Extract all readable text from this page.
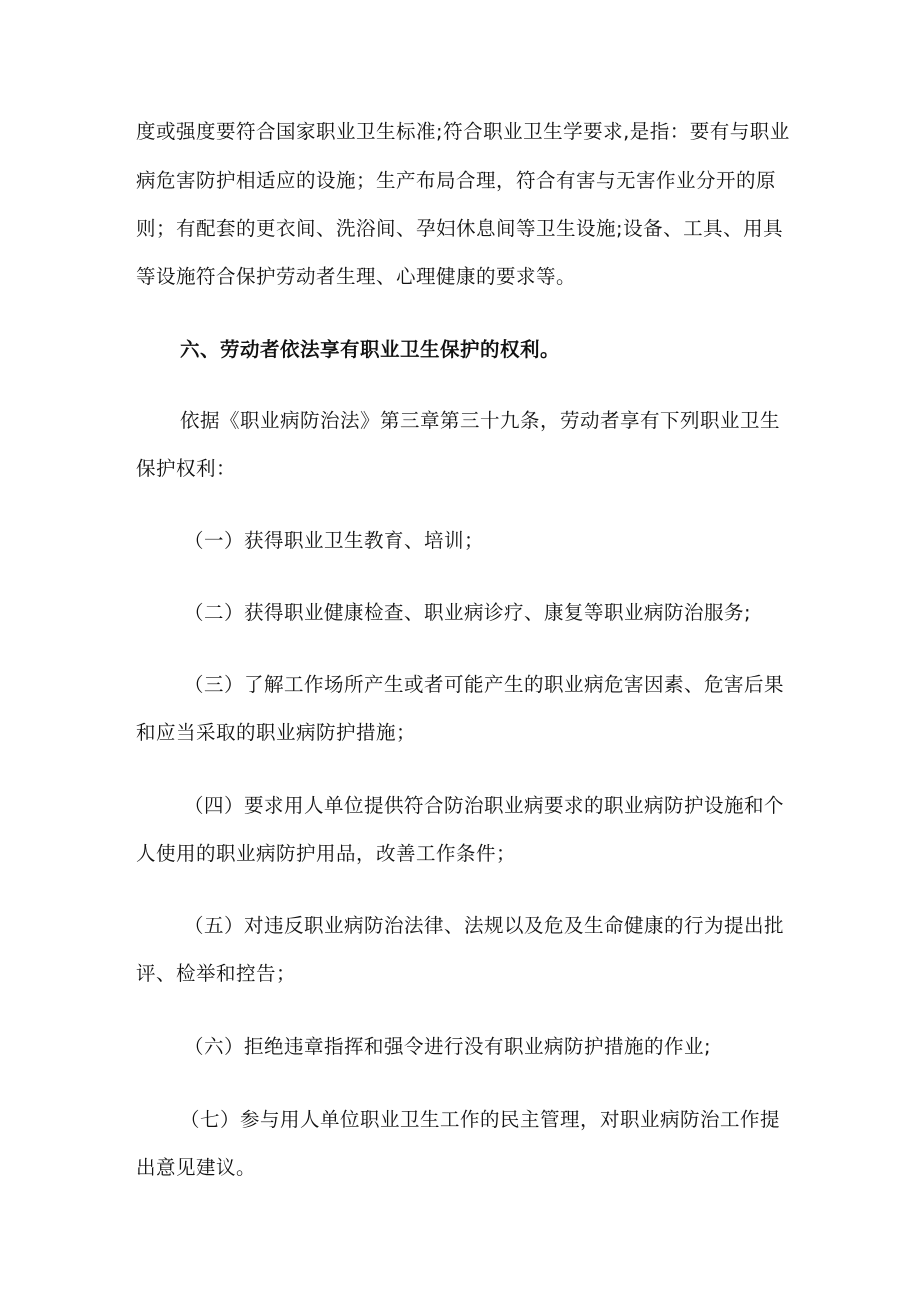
度或强度要符合国家职业卫生标准;符合职业卫生学要求,是指：要有与职业
病危害防护相适应的设施；生产布局合理，符合有害与无害作业分开的原
则；有配套的更衣间、洗浴间、孕妇休息间等卫生设施;设备、工具、用具
等设施符合保护劳动者生理、心理健康的要求等。
六、劳动者依法享有职业卫生保护的权利。
依据《职业病防治法》第三章第三十九条，劳动者享有下列职业卫生
保护权利：
（一）获得职业卫生教育、培训；
（二）获得职业健康检查、职业病诊疗、康复等职业病防治服务;
（三）了解工作场所产生或者可能产生的职业病危害因素、危害后果
和应当采取的职业病防护措施；
（四）要求用人单位提供符合防治职业病要求的职业病防护设施和个
人使用的职业病防护用品，改善工作条件；
（五）对违反职业病防治法律、法规以及危及生命健康的行为提出批
评、检举和控告；
（六）拒绝违章指挥和强令进行没有职业病防护措施的作业;
（七）参与用人单位职业卫生工作的民主管理，对职业病防治工作提
出意见建议。
